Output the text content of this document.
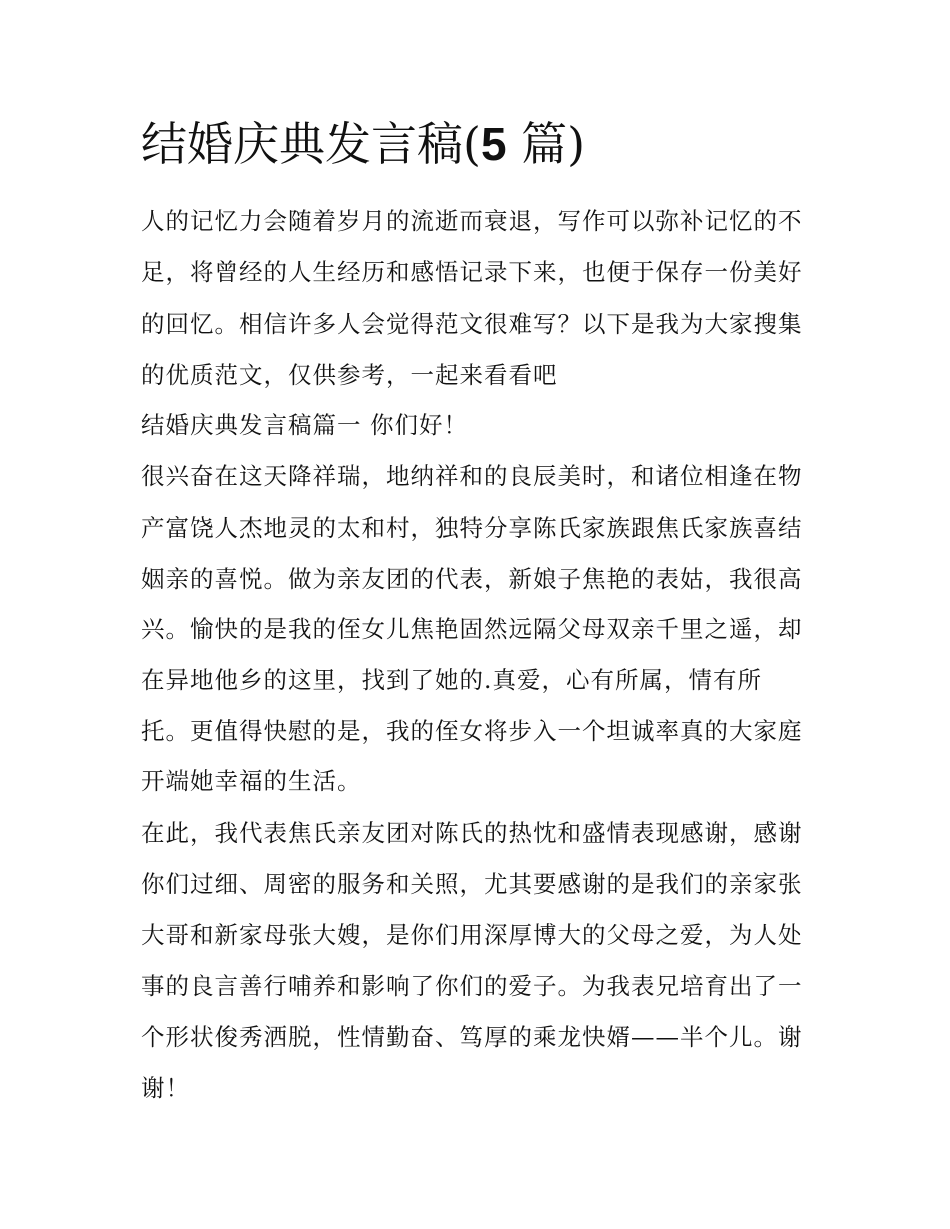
结婚庆典发言稿(5 篇)

人的记忆力会随着岁月的流逝而衰退，写作可以弥补记忆的不

足，将曾经的人生经历和感悟记录下来，也便于保存一份美好

的回忆。相信许多人会觉得范文很难写？以下是我为大家搜集

的优质范文，仅供参考，一起来看看吧

结婚庆典发言稿篇一 你们好！

很兴奋在这天降祥瑞，地纳祥和的良辰美时，和诸位相逢在物

产富饶人杰地灵的太和村，独特分享陈氏家族跟焦氏家族喜结

姻亲的喜悦。做为亲友团的代表，新娘子焦艳的表姑，我很高

兴。愉快的是我的侄女儿焦艳固然远隔父母双亲千里之遥，却

在异地他乡的这里，找到了她的.真爱，心有所属，情有所

托。更值得快慰的是，我的侄女将步入一个坦诚率真的大家庭

开端她幸福的生活。

在此，我代表焦氏亲友团对陈氏的热忱和盛情表现感谢，感谢

你们过细、周密的服务和关照，尤其要感谢的是我们的亲家张

大哥和新家母张大嫂，是你们用深厚博大的父母之爱，为人处

事的良言善行哺养和影响了你们的爱子。为我表兄培育出了一

个形状俊秀洒脱，性情勤奋、笃厚的乘龙快婿——半个儿。谢

谢！
